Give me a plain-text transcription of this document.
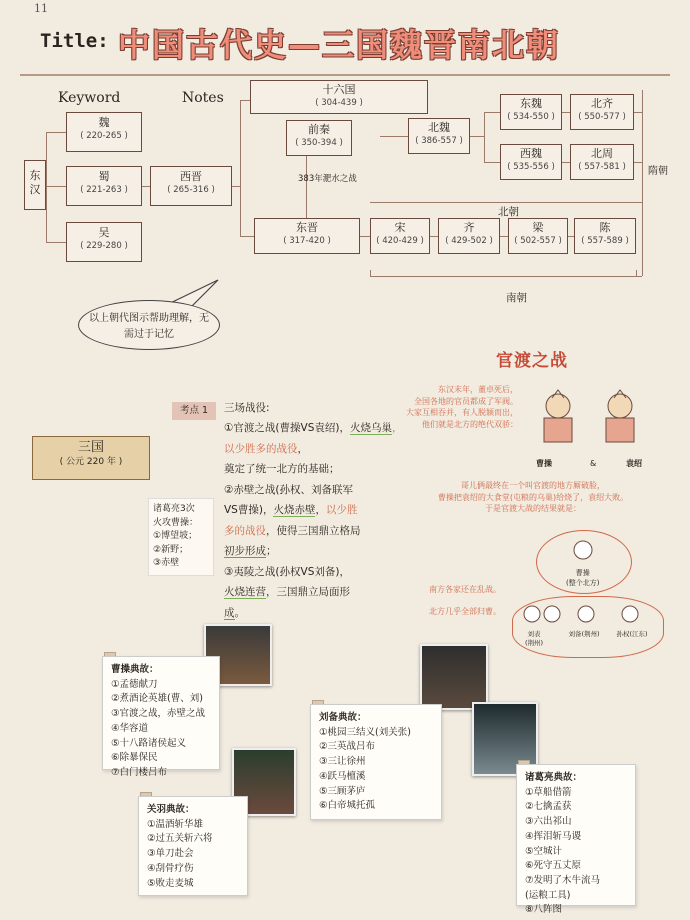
11
Title: 中国古代史—三国魏晋南北朝
Keyword	Notes
东汉
魏
( 220-265 )
蜀
( 221-263 )
吴
( 229-280 )
西晋
( 265-316 )
十六国
( 304-439 )
前秦
( 350-394 )
383年淝水之战
北魏
( 386-557 )
东魏
( 534-550 )
北齐
( 550-577 )
西魏
( 535-556 )
北周
( 557-581 )	隋朝
北朝
东晋
( 317-420 )
宋
( 420-429 )
齐
( 429-502 )
梁
( 502-557 )
陈
( 557-589 )
南朝
以上朝代图示帮助理解，无需过于记忆
考点 1
三国
( 公元 220 年 )
三场战役:
①官渡之战(曹操VS袁绍)，火烧乌巢，以少胜多的战役，
奠定了统一北方的基础；
②赤壁之战(孙权、刘备联军
VS曹操)，火烧赤壁，以少胜
多的战役，使得三国鼎立格局
初步形成；
③夷陵之战(孙权VS刘备)，
火烧连营，三国鼎立局面形
成。
诸葛亮3次
火攻曹操：
①博望坡；
②新野；
③赤壁
官渡之战
东汉末年，董卓死后，
全国各地的官员都成了军阀。
大家互相吞并，有人脱颖而出，
他们就是北方的绝代双骄：
曹操	&	袁绍
哥儿俩最终在一个叫官渡的地方厮破脸，
曹操把袁绍的大食堂(屯粮的乌巢)给烧了，袁绍大败。
于是官渡大战的结果就是：
曹操
(整个北方)
南方各家还在乱战。
北方几乎全部归曹。
刘表
(荆州)
刘备(荆州)	孙权(江东)
曹操典故：
①孟德献刀
②煮酒论英雄(曹、刘)
③官渡之战，赤壁之战
④华容道
⑤十八路诸侯起义
⑥除暴保民
⑦白门楼吕布
关羽典故：
①温酒斩华雄
②过五关斩六将
③单刀赴会
④刮骨疗伤
⑤败走麦城
刘备典故：
①桃园三结义(刘关张)
②三英战吕布
③三让徐州
④跃马檀溪
⑤三顾茅庐
⑥白帝城托孤
诸葛亮典故：
①草船借箭
②七擒孟获
③六出祁山
④挥泪斩马谡
⑤空城计
⑥死守五丈原
⑦发明了木牛流马
(运粮工具)
⑧八阵图
